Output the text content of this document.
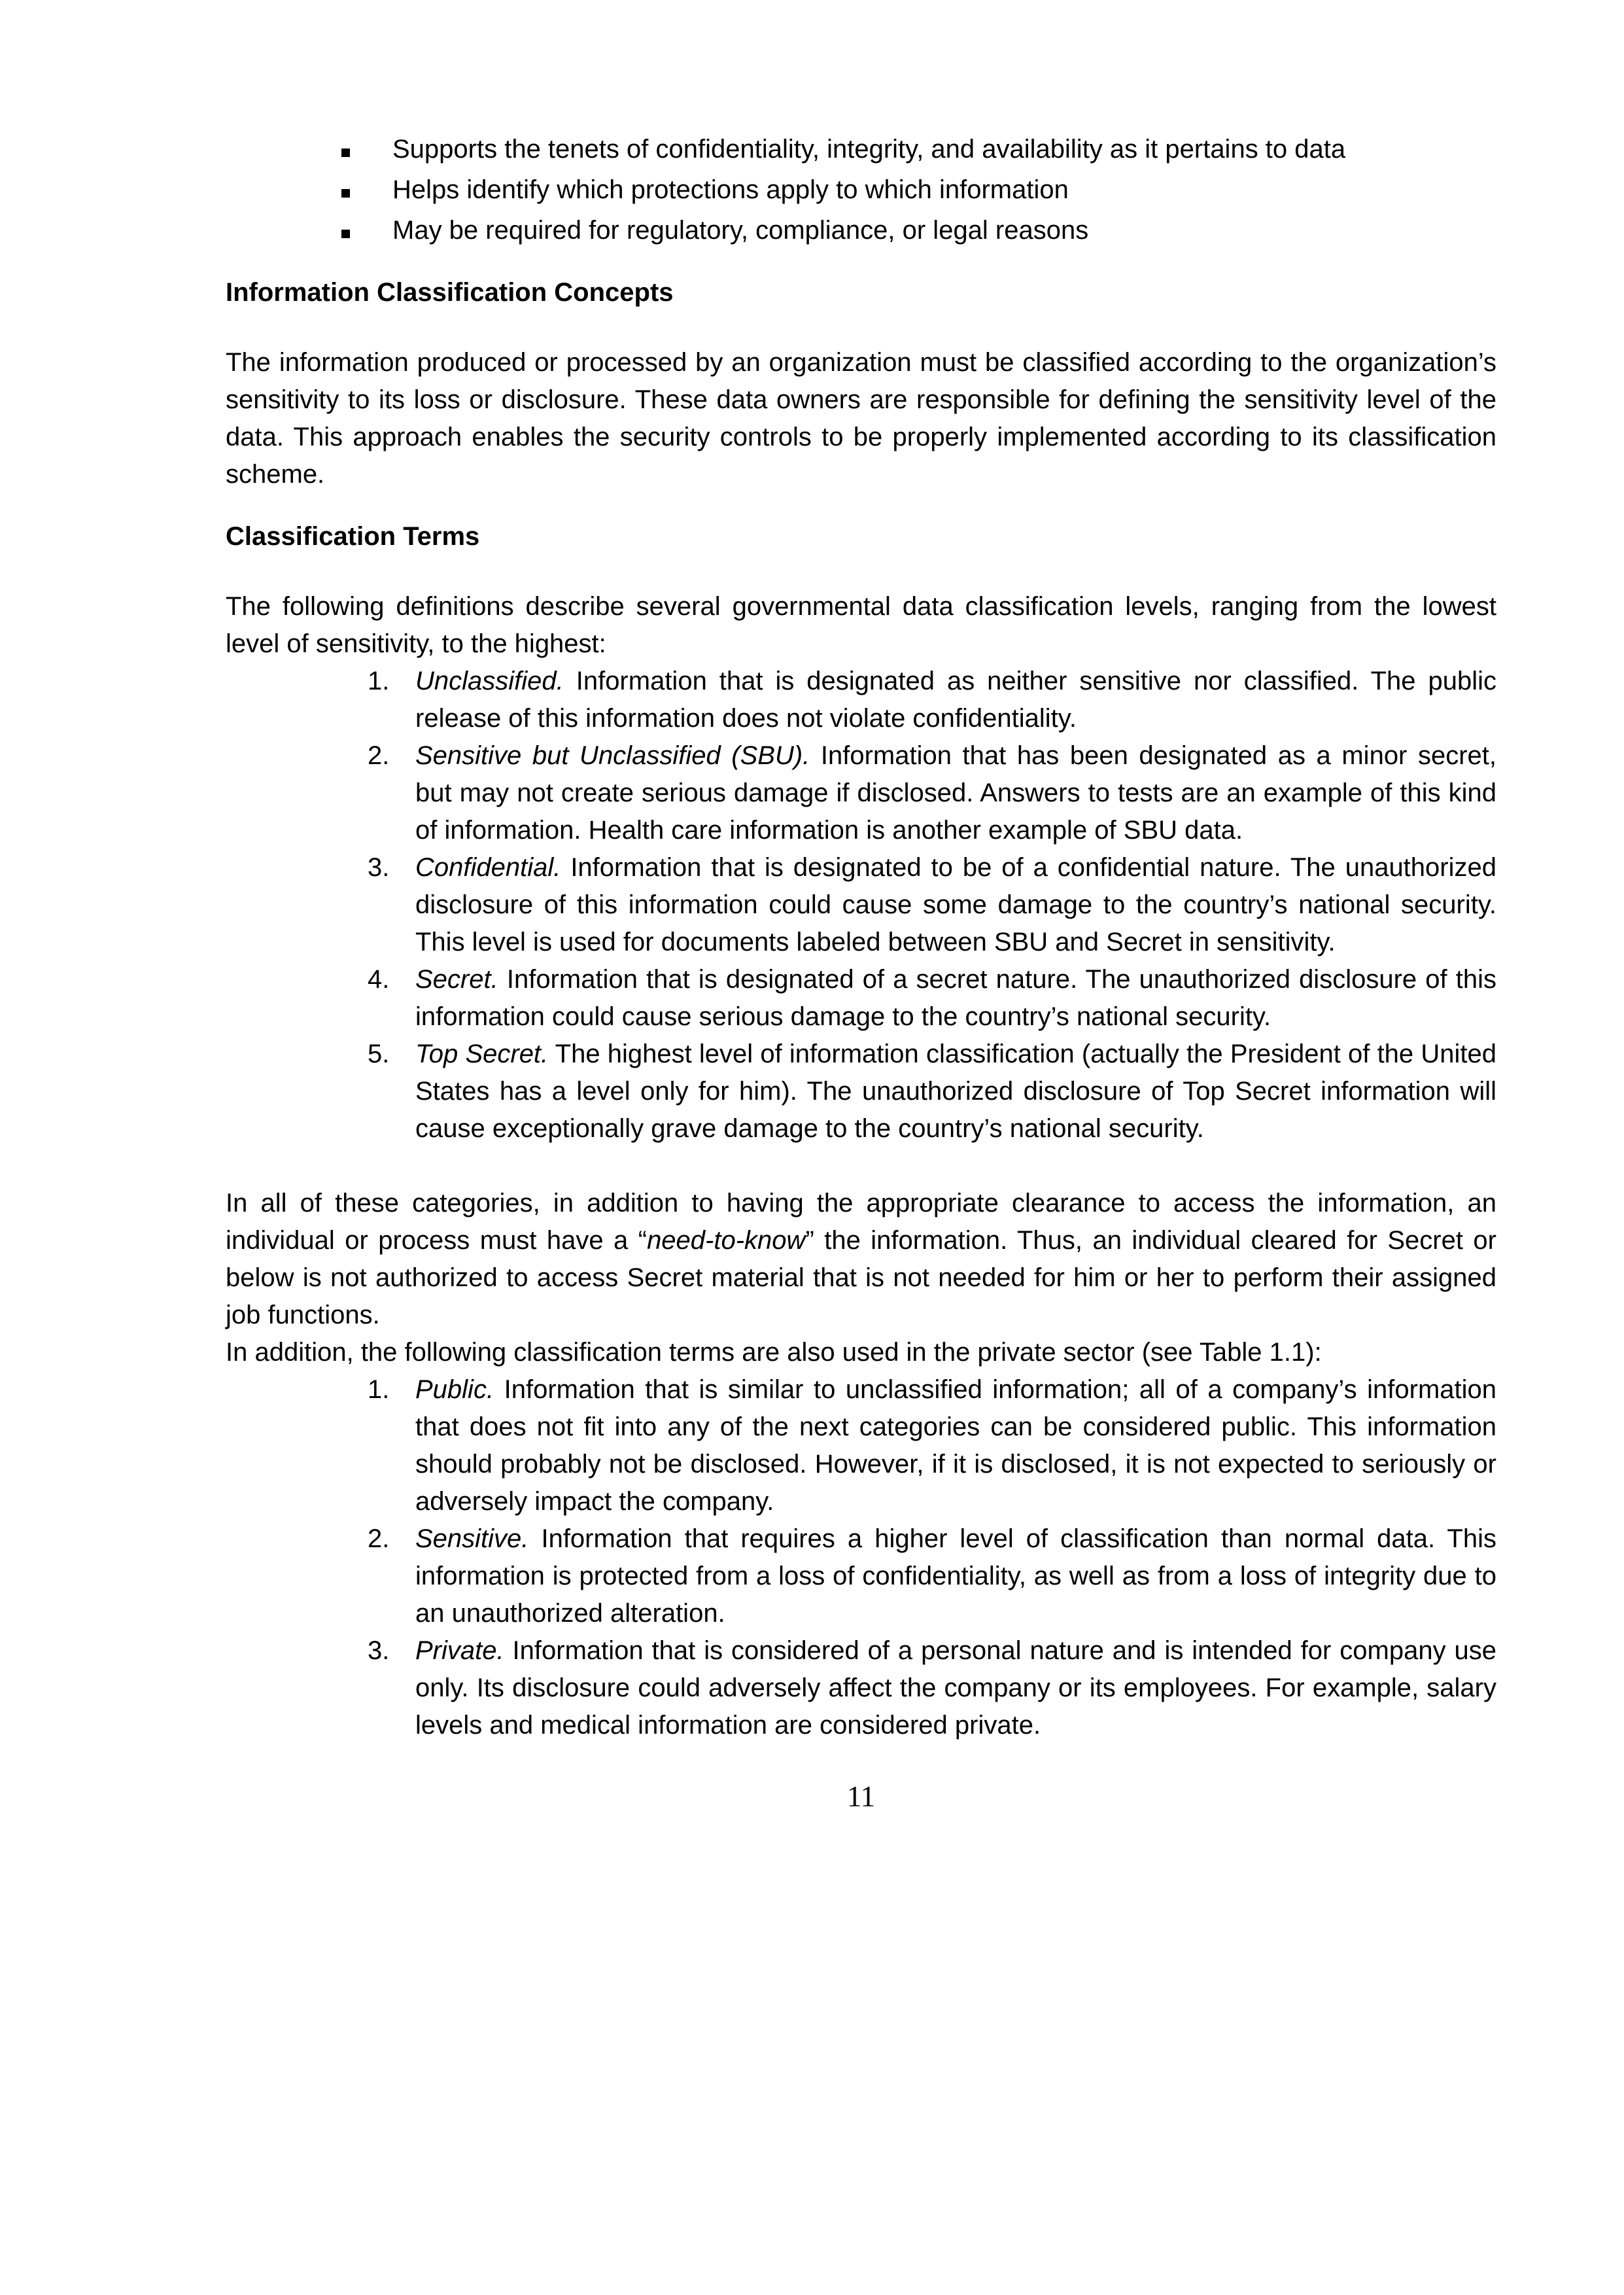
Supports the tenets of confidentiality, integrity, and availability as it pertains to data
Helps identify which protections apply to which information
May be required for regulatory, compliance, or legal reasons
Information Classification Concepts

The information produced or processed by an organization must be classified according to the organization’s sensitivity to its loss or disclosure. These data owners are responsible for defining the sensitivity level of the data. This approach enables the security controls to be properly implemented according to its classification scheme.

Classification Terms

The following definitions describe several governmental data classification levels, ranging from the lowest level of sensitivity, to the highest:

1. Unclassified. Information that is designated as neither sensitive nor classified. The public release of this information does not violate confidentiality.
2. Sensitive but Unclassified (SBU). Information that has been designated as a minor secret, but may not create serious damage if disclosed. Answers to tests are an example of this kind of information. Health care information is another example of SBU data.
3. Confidential. Information that is designated to be of a confidential nature. The unauthorized disclosure of this information could cause some damage to the country’s national security. This level is used for documents labeled between SBU and Secret in sensitivity.
4. Secret. Information that is designated of a secret nature. The unauthorized disclosure of this information could cause serious damage to the country’s national security.
5. Top Secret. The highest level of information classification (actually the President of the United States has a level only for him). The unauthorized disclosure of Top Secret information will cause exceptionally grave damage to the country’s national security.

In all of these categories, in addition to having the appropriate clearance to access the information, an individual or process must have a “need-to-know” the information. Thus, an individual cleared for Secret or below is not authorized to access Secret material that is not needed for him or her to perform their assigned job functions.

In addition, the following classification terms are also used in the private sector (see Table 1.1):

1. Public. Information that is similar to unclassified information; all of a company’s information that does not fit into any of the next categories can be considered public. This information should probably not be disclosed. However, if it is disclosed, it is not expected to seriously or adversely impact the company.
2. Sensitive. Information that requires a higher level of classification than normal data. This information is protected from a loss of confidentiality, as well as from a loss of integrity due to an unauthorized alteration.
3. Private. Information that is considered of a personal nature and is intended for company use only. Its disclosure could adversely affect the company or its employees. For example, salary levels and medical information are considered private.
11
